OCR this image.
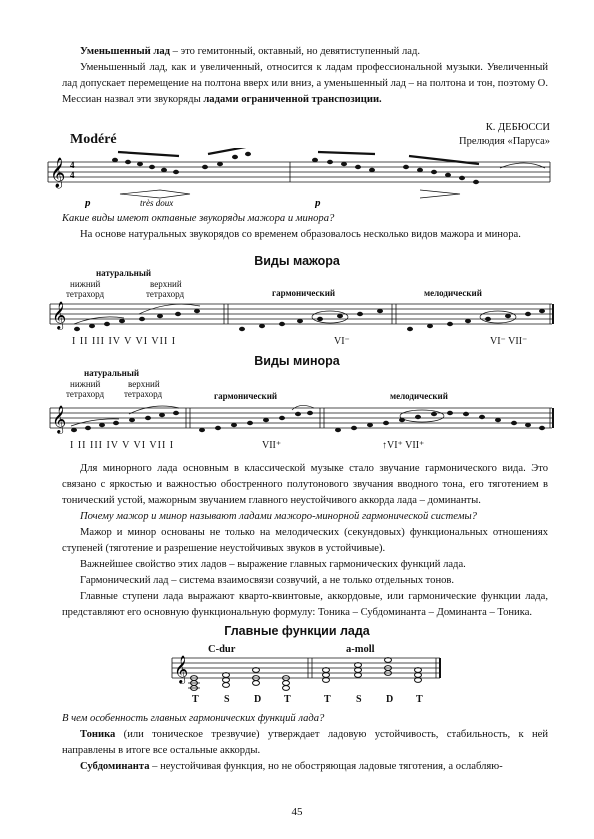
Уменьшенный лад – это гемитонный, октавный, но девятиступенный лад.
Уменьшенный лад, как и увеличенный, относится к ладам профессиональной музыки. Увеличенный лад допускает перемещение на полтона вверх или вниз, а уменьшенный лад – на полтона и тон, поэтому О. Мессиан назвал эти звукоряды ладами ограниченной транспозиции.
Modéré
К. ДЕБЮССИ
Прелюдия «Паруса»
𝄞 4
4
p	très doux	p
Какие виды имеют октавные звукоряды мажора и минора?
На основе натуральных звукорядов со временем образовалось несколько видов мажора и минора.
Виды мажора
натуральный
нижний
тетрахорд
верхний
тетрахорд	гармонический	мелодический
𝄞
I II III IV V VI VII I	VI⁻	VI⁻ VII⁻
Виды минора
натуральный
нижний
тетрахорд
верхний
тетрахорд	гармонический	мелодический
𝄞
I II III IV V VI VII I	VII⁺	↑VI⁺ VII⁺
Для минорного лада основным в классической музыке стало звучание гармонического вида. Это связано с яркостью и важностью обостренного полутонового звучания вводного тона, его тяготением в тонический устой, мажорным звучанием главного неустойчивого аккорда лада – доминанты.
Почему мажор и минор называют ладами мажоро-минорной гармонической системы?
Мажор и минор основаны не только на мелодических (секундовых) функциональных отношениях ступеней (тяготение и разрешение неустойчивых звуков в устойчивые).
Важнейшее свойство этих ладов – выражение главных гармонических функций лада.
Гармонический лад – система взаимосвязи созвучий, а не только отдельных тонов.
Главные ступени лада выражают кварто-квинтовые, аккордовые, или гармонические функции лада, представляют его основную функциональную формулу: Тоника – Субдоминанта – Доминанта – Тоника.
Главные функции лада
C-dur	a-moll
𝄞
T	S D T	T	S D T
В чем особенность главных гармонических функций лада?
Тоника (или тоническое трезвучие) утверждает ладовую устойчивость, стабильность, к ней направлены в итоге все остальные аккорды.
Субдоминанта – неустойчивая функция, но не обостряющая ладовые тяготения, а ослабляю-
45
